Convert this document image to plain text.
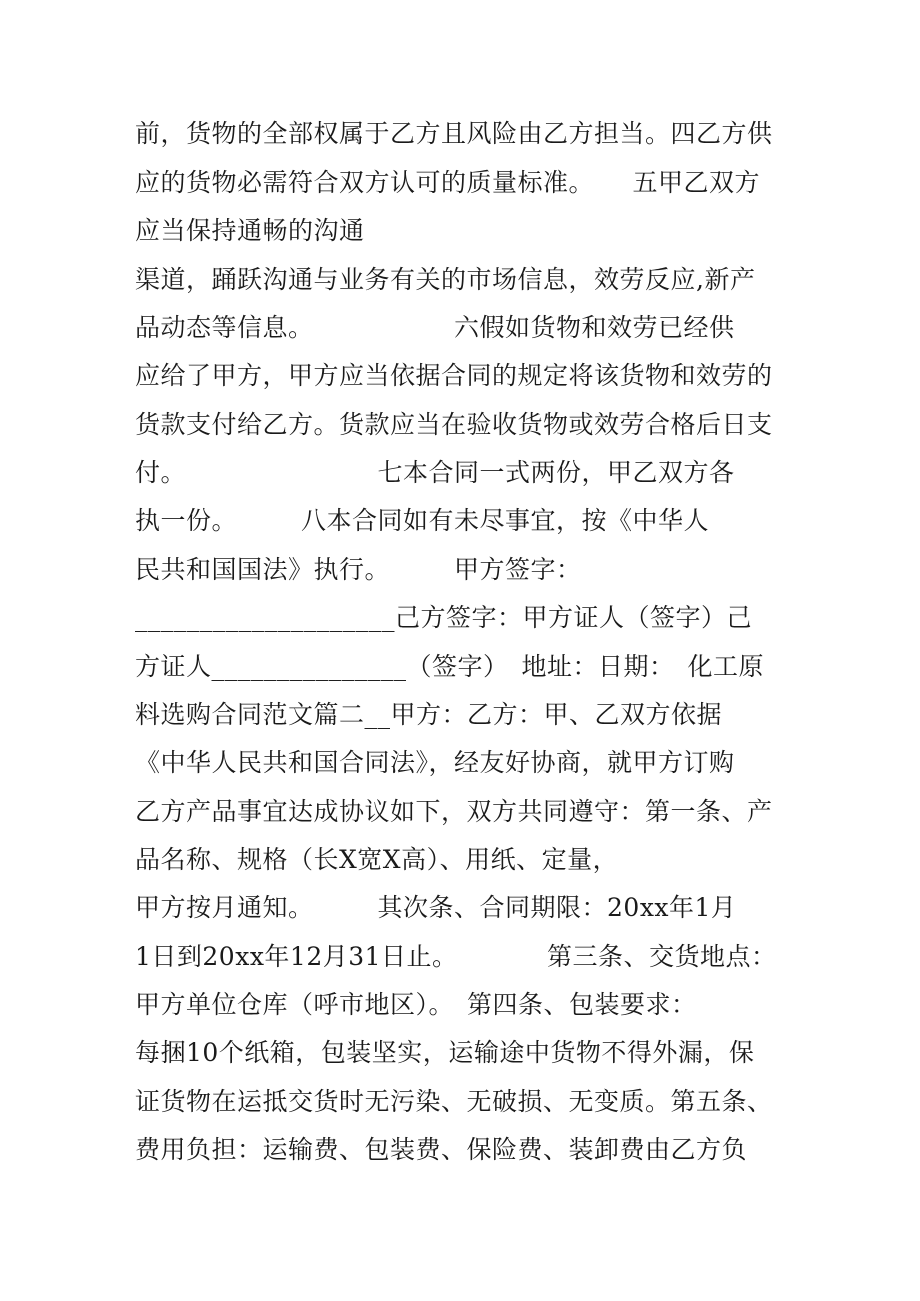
前，货物的全部权属于乙方且风险由乙方担当。四乙方供
应的货物必需符合双方认可的质量标准。　　五甲乙双方
应当保持通畅的沟通
渠道，踊跃沟通与业务有关的市场信息，效劳反应,新产
品动态等信息。　　　　　　六假如货物和效劳已经供
应给了甲方，甲方应当依据合同的规定将该货物和效劳的
货款支付给乙方。货款应当在验收货物或效劳合格后日支
付。　　　　　　　　七本合同一式两份，甲乙双方各
执一份。　　　八本合同如有未尽事宜，按《中华人
民共和国国法》执行。　　　甲方签字：
____________________己方签字：甲方证人（签字）己
方证人_______________（签字）　地址：日期：　化工原
料选购合同范文篇二__甲方：乙方：甲、乙双方依据
《中华人民共和国合同法》，经友好协商，就甲方订购
乙方产品事宜达成协议如下，双方共同遵守：第一条、产
品名称、规格（长X宽X高）、用纸、定量，
甲方按月通知。　　　其次条、合同期限：20xx年1月
1日到20xx年12月31日止。　　　　第三条、交货地点：
甲方单位仓库（呼市地区）。　第四条、包装要求：
每捆10个纸箱，包装坚实，运输途中货物不得外漏，保
证货物在运抵交货时无污染、无破损、无变质。第五条、
费用负担：运输费、包装费、保险费、装卸费由乙方负
